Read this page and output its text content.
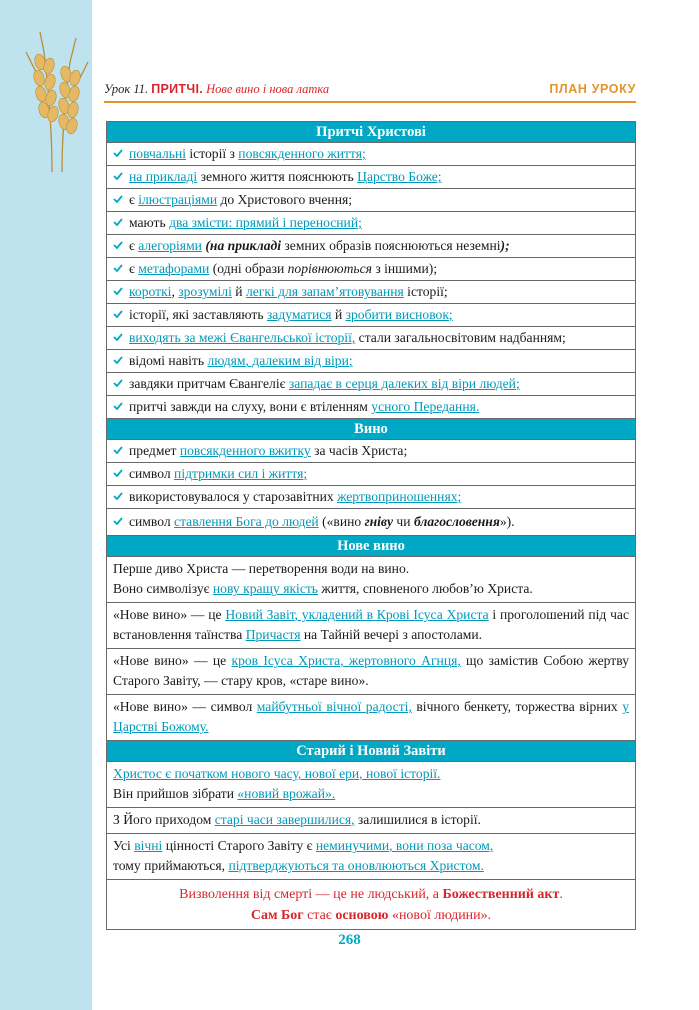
Урок 11. ПРИТЧІ. Нове вино і нова латка	ПЛАН УРОКУ
Притчі Христові
повчальні історії з повсякденного життя;
на прикладі земного життя пояснюють Царство Боже;
є ілюстраціями до Христового вчення;
мають два змісти: прямий і переносний;
є алегоріями (на прикладі земних образів пояснюються неземні);
є метафорами (одні образи порівнюються з іншими);
короткі, зрозумілі й легкі для запам’ятовування історії;
історії, які заставляють задуматися й зробити висновок;
виходять за межі Євангельської історії, стали загальносвітовим надбанням;
відомі навіть людям, далеким від віри;
завдяки притчам Євангеліє западає в серця далеких від віри людей;
притчі завжди на слуху, вони є втіленням усного Передання.
Вино
предмет повсякденного вжитку за часів Христа;
символ підтримки сил і життя;
використовувалося у старозавітних жертвоприношеннях;
символ ставлення Бога до людей («вино гніву чи благословення»).
Нове вино
Перше диво Христа — перетворення води на вино.
Воно символізує нову кращу якість життя, сповненого любов’ю Христа.
«Нове вино» — це Новий Завіт, укладений в Крові Ісуса Христа і проголошений під час встановлення таїнства Причастя на Тайній вечері з апостолами.
«Нове вино» — це кров Ісуса Христа, жертовного Агнця, що замістив Собою жертву Старого Завіту, — стару кров, «старе вино».
«Нове вино» — символ майбутньої вічної радості, вічного бенкету, торжества вірних у Царстві Божому.
Старий і Новий Завіти
Христос є початком нового часу, нової ери, нової історії.
Він прийшов зібрати «новий врожай».
З Його приходом старі часи завершилися, залишилися в історії.
Усі вічні цінності Старого Завіту є неминучими, вони поза часом,
тому приймаються, підтверджуються та оновлюються Христом.
Визволення від смерті — це не людський, а Божественний акт.
Сам Бог стає основою «нової людини».
268
